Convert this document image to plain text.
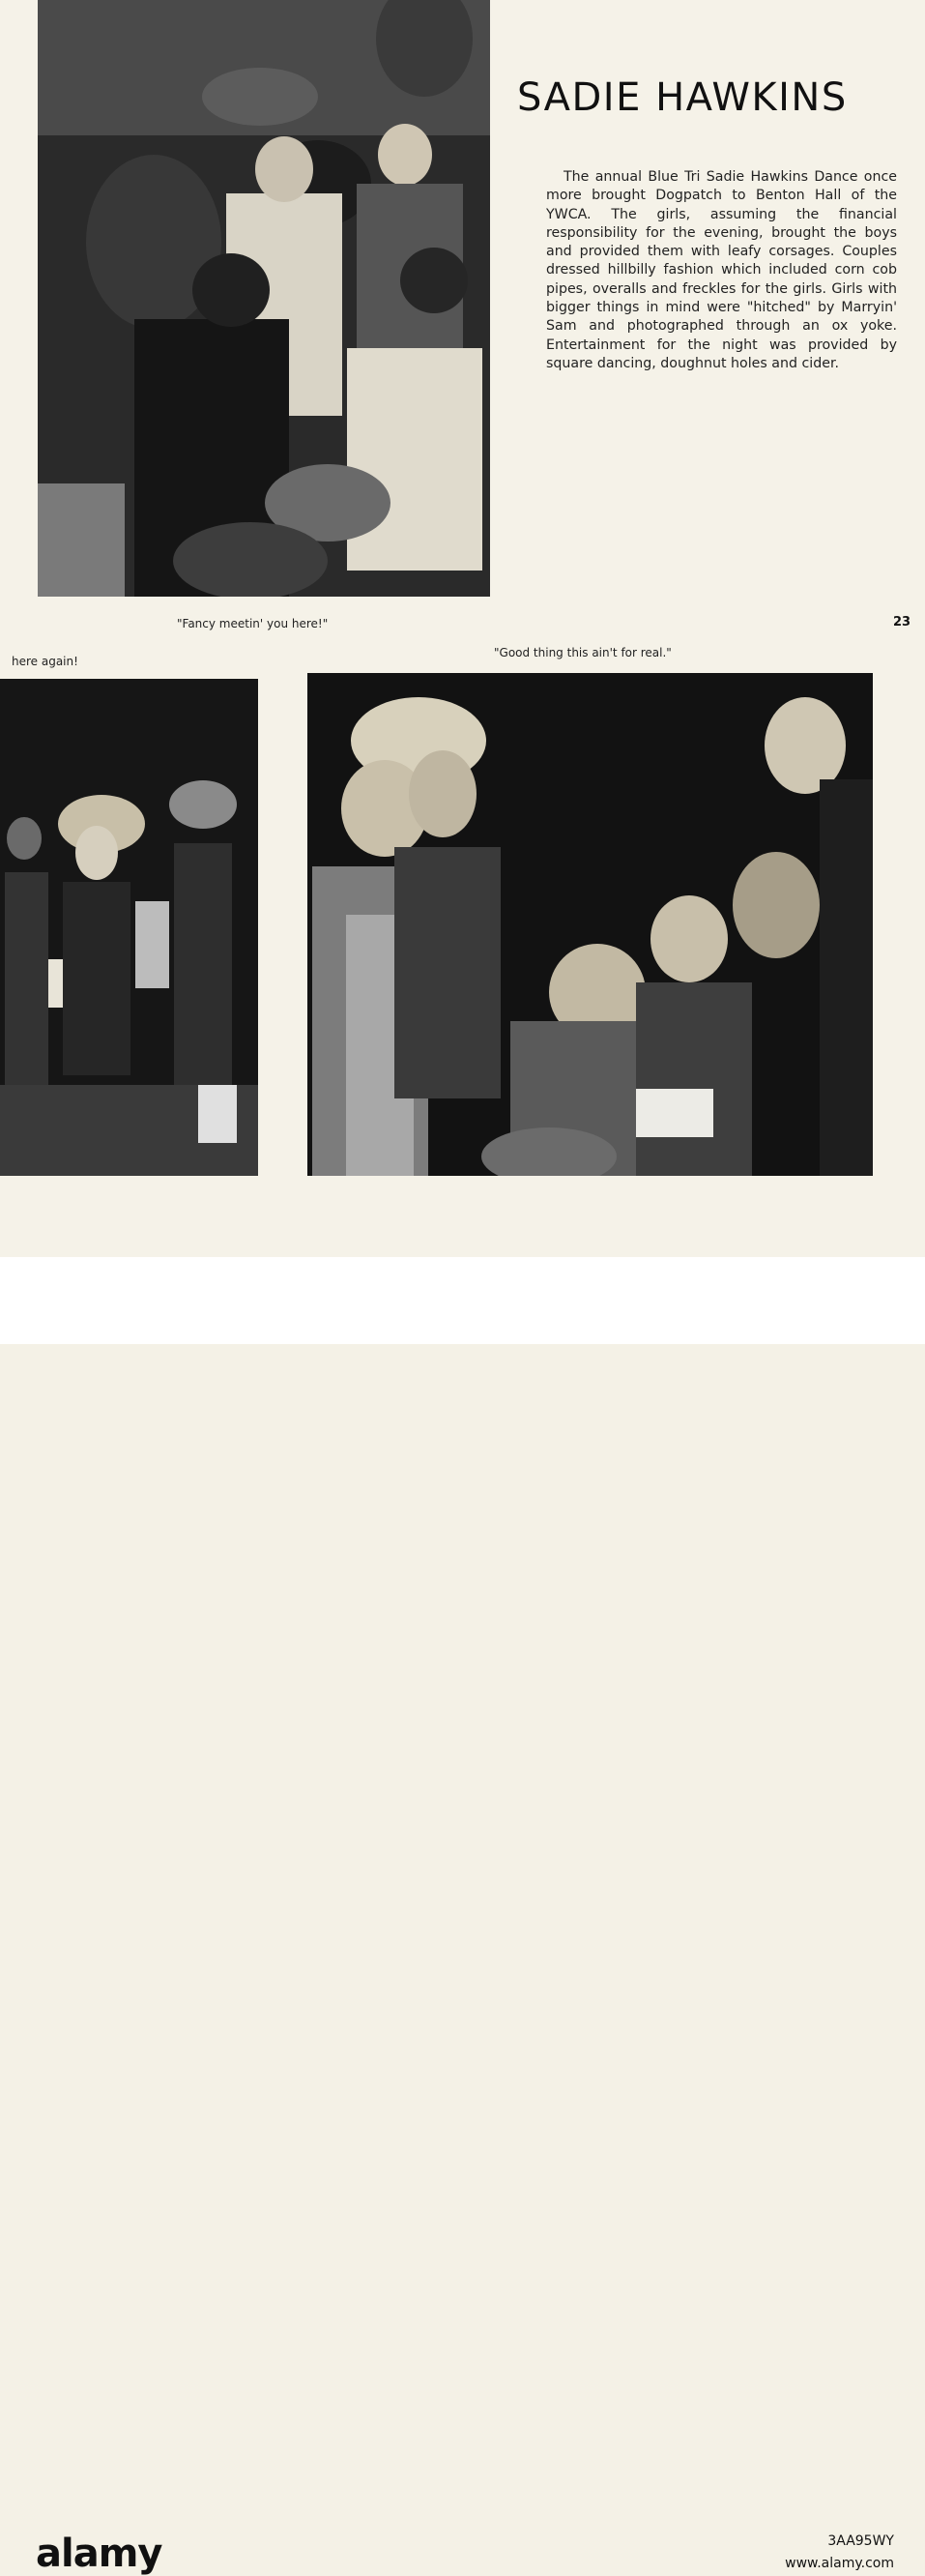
SADIE HAWKINS

The annual Blue Tri Sadie Hawkins Dance once more brought Dogpatch to Benton Hall of the YWCA. The girls, assuming the financial responsibility for the evening, brought the boys and provided them with leafy corsages. Couples dressed hillbilly fashion which included corn cob pipes, overalls and freckles for the girls. Girls with bigger things in mind were "hitched" by Marryin' Sam and photographed through an ox yoke. Entertainment for the night was provided by square dancing, doughnut holes and cider.

"Fancy meetin' you here!"	23
here again!
"Good thing this ain't for real."
alamy	3AA95WY
www.alamy.com
